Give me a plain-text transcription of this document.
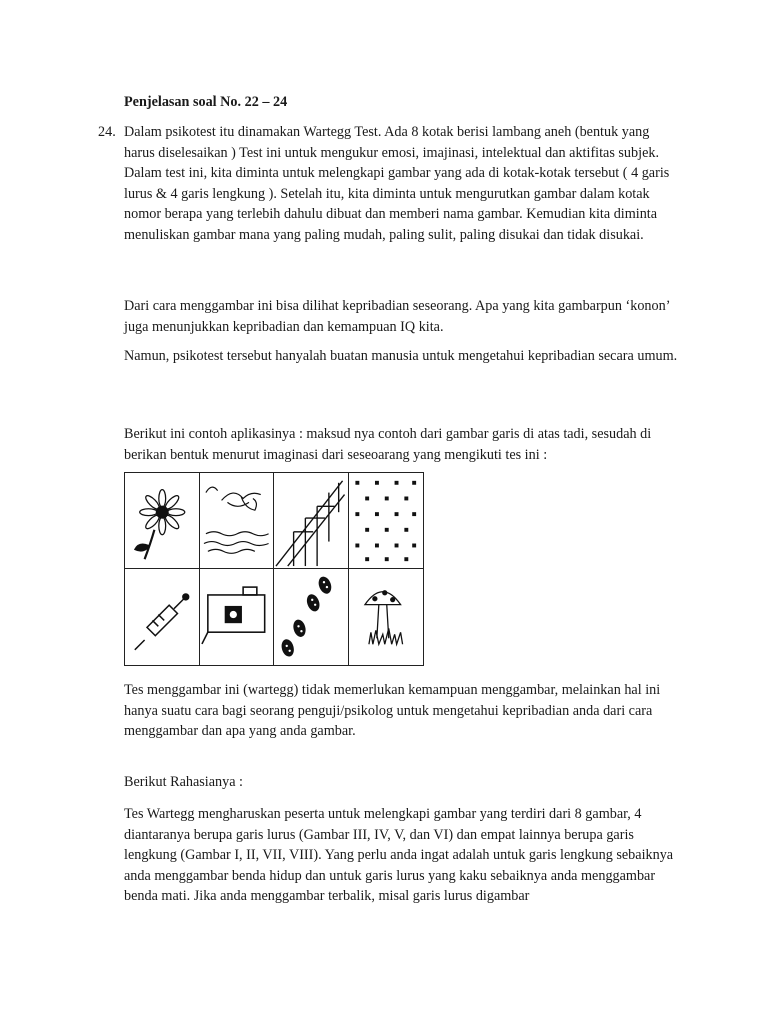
Penjelasan soal No. 22 – 24
24. Dalam psikotest itu dinamakan Wartegg Test. Ada 8 kotak berisi lambang aneh (bentuk yang harus diselesaikan ) Test ini untuk mengukur emosi, imajinasi, intelektual dan aktifitas subjek. Dalam test ini, kita diminta untuk melengkapi gambar yang ada di kotak-kotak tersebut ( 4 garis lurus & 4 garis lengkung ). Setelah itu, kita diminta untuk mengurutkan gambar dalam kotak nomor berapa yang terlebih dahulu dibuat dan memberi nama gambar. Kemudian kita diminta menuliskan gambar mana yang paling mudah, paling sulit, paling disukai dan tidak disukai.

Dari cara menggambar ini bisa dilihat kepribadian seseorang. Apa yang kita gambarpun ‘konon’ juga menunjukkan kepribadian dan kemampuan IQ kita.

Namun, psikotest tersebut hanyalah buatan manusia untuk mengetahui kepribadian secara umum.

Berikut ini contoh aplikasinya : maksud nya contoh dari gambar garis di atas tadi, sesudah di berikan bentuk menurut imaginasi dari seseoarang yang mengikuti tes ini :

Tes menggambar ini (wartegg) tidak memerlukan kemampuan menggambar, melainkan hal ini hanya suatu cara bagi seorang penguji/psikolog untuk mengetahui kepribadian anda dari cara menggambar dan apa yang anda gambar.

Berikut Rahasianya :

Tes Wartegg mengharuskan peserta untuk melengkapi gambar yang terdiri dari 8 gambar, 4 diantaranya berupa garis lurus (Gambar III, IV, V, dan VI) dan empat lainnya berupa garis lengkung (Gambar I, II, VII, VIII). Yang perlu anda ingat adalah untuk garis lengkung sebaiknya anda menggambar benda hidup dan untuk garis lurus yang kaku sebaiknya anda menggambar benda mati. Jika anda menggambar terbalik, misal garis lurus digambar
